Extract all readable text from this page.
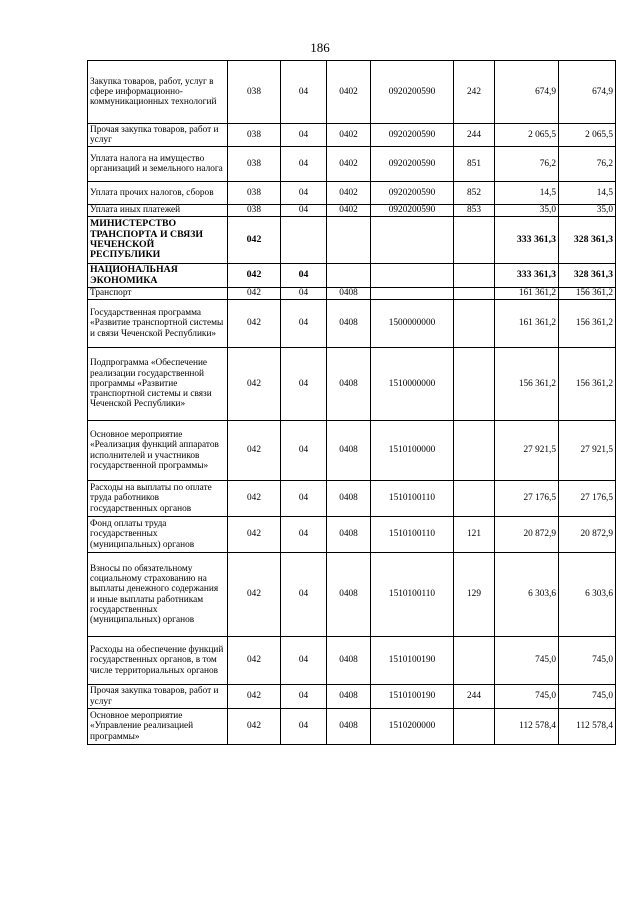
186
Закупка товаров, работ, услуг в сфере информационно-коммуникационных технологий	038	04	0402	0920200590	242	674,9	674,9
Прочая закупка товаров, работ и услуг	038	04	0402	0920200590	244	2 065,5	2 065,5
Уплата налога на имущество организаций и земельного налога	038	04	0402	0920200590	851	76,2	76,2
Уплата прочих налогов, сборов	038	04	0402	0920200590	852	14,5	14,5
Уплата иных платежей	038	04	0402	0920200590	853	35,0	35,0
МИНИСТЕРСТВО ТРАНСПОРТА И СВЯЗИ ЧЕЧЕНСКОЙ РЕСПУБЛИКИ	042					333 361,3	328 361,3
НАЦИОНАЛЬНАЯ ЭКОНОМИКА	042	04				333 361,3	328 361,3
Транспорт	042	04	0408			161 361,2	156 361,2
Государственная программа «Развитие транспортной системы и связи Чеченской Республики»	042	04	0408	1500000000		161 361,2	156 361,2
Подпрограмма «Обеспечение реализации государственной программы «Развитие транспортной системы и связи Чеченской Республики»	042	04	0408	1510000000		156 361,2	156 361,2
Основное мероприятие «Реализация функций аппаратов исполнителей и участников государственной программы»	042	04	0408	1510100000		27 921,5	27 921,5
Расходы на выплаты по оплате труда работников государственных органов	042	04	0408	1510100110		27 176,5	27 176,5
Фонд оплаты труда государственных (муниципальных) органов	042	04	0408	1510100110	121	20 872,9	20 872,9
Взносы по обязательному социальному страхованию на выплаты денежного содержания и иные выплаты работникам государственных (муниципальных) органов	042	04	0408	1510100110	129	6 303,6	6 303,6
Расходы на обеспечение функций государственных органов, в том числе территориальных органов	042	04	0408	1510100190		745,0	745,0
Прочая закупка товаров, работ и услуг	042	04	0408	1510100190	244	745,0	745,0
Основное мероприятие «Управление реализацией программы»	042	04	0408	1510200000		112 578,4	112 578,4
